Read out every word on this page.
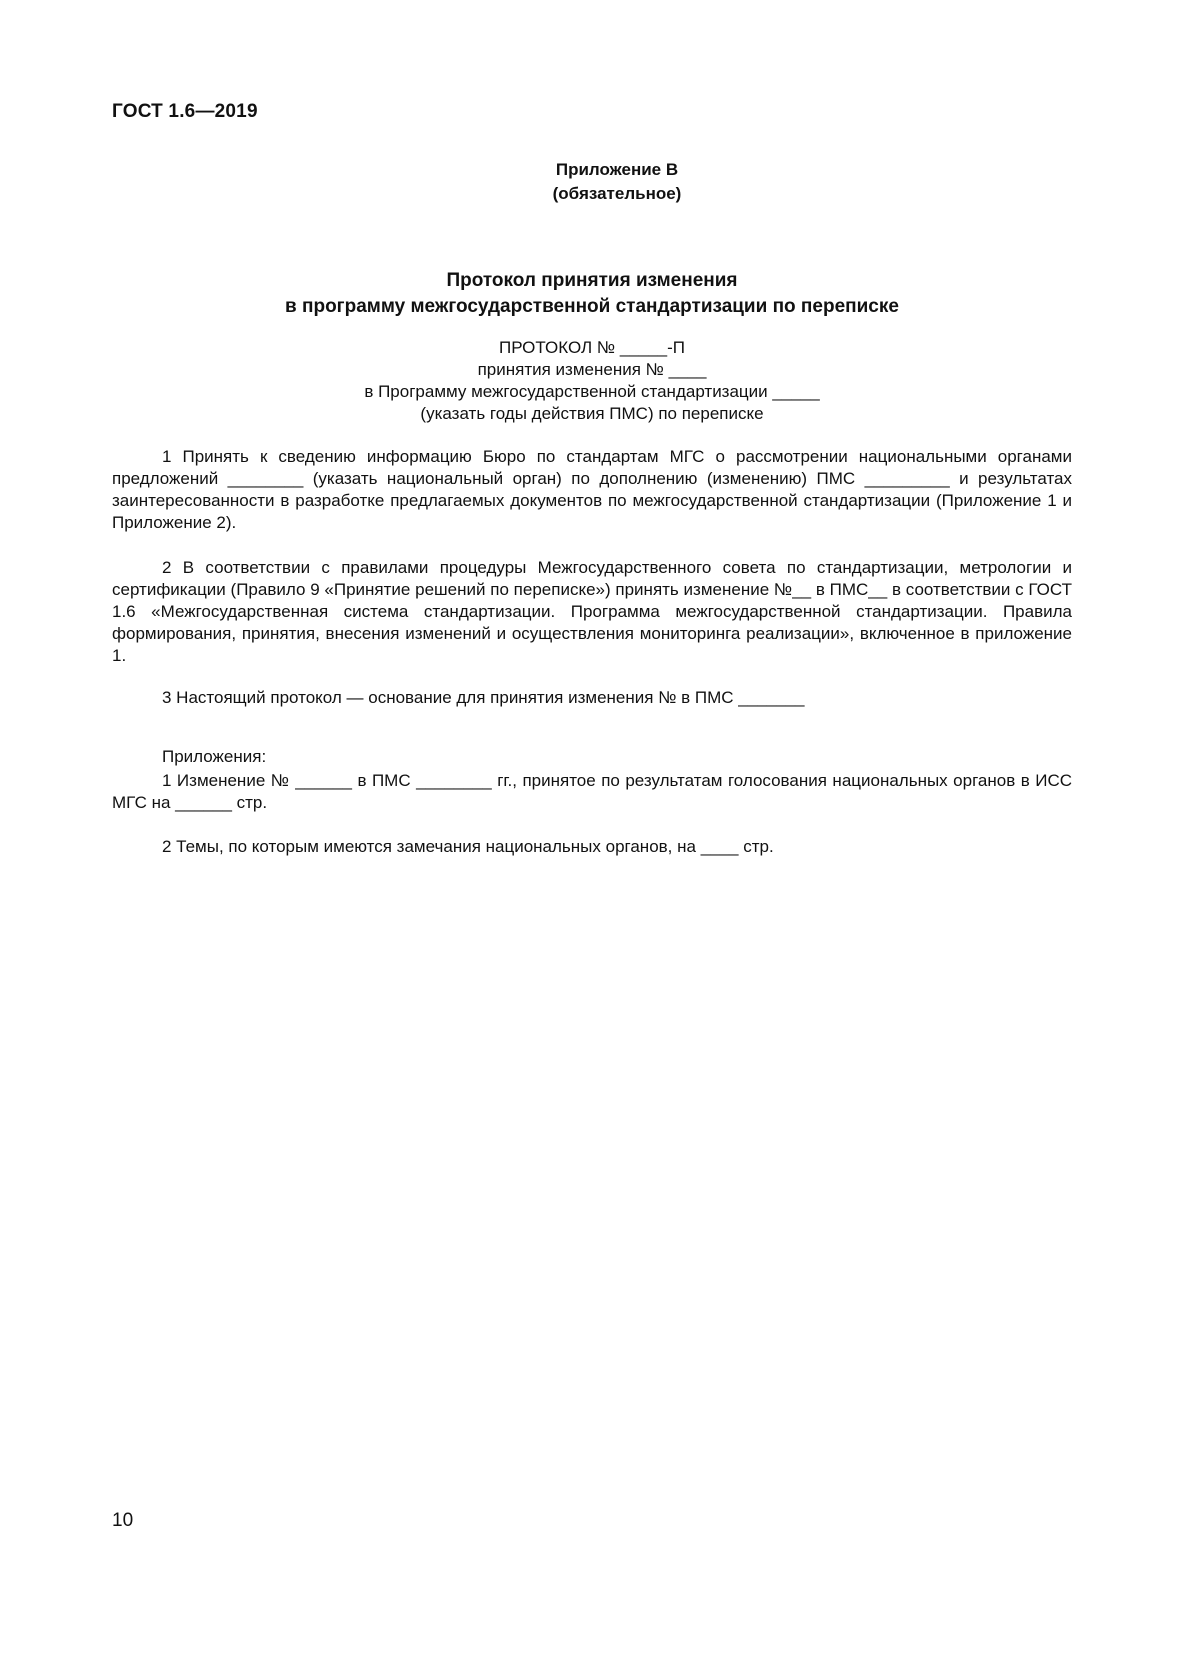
ГОСТ 1.6—2019
Приложение В
(обязательное)
Протокол принятия изменения
в программу межгосударственной стандартизации по переписке
ПРОТОКОЛ № _____-П
принятия изменения № ____
в Программу межгосударственной стандартизации _____
(указать годы действия ПМС) по переписке

1 Принять к сведению информацию Бюро по стандартам МГС о рассмотрении национальными органами предложений ________ (указать национальный орган) по дополнению (изменению) ПМС _________ и результатах заинтересованности в разработке предлагаемых документов по межгосударственной стандартизации (Приложение 1 и Приложение 2).

2 В соответствии с правилами процедуры Межгосударственного совета по стандартизации, метрологии и сертификации (Правило 9 «Принятие решений по переписке») принять изменение №__ в ПМС__ в соответствии с ГОСТ 1.6 «Межгосударственная система стандартизации. Программа межгосударственной стандартизации. Правила формирования, принятия, внесения изменений и осуществления мониторинга реализации», включенное в приложение 1.

3 Настоящий протокол — основание для принятия изменения № в ПМС _______

Приложения:

1 Изменение № ______ в ПМС ________ гг., принятое по результатам голосования национальных органов в ИСС МГС на ______ стр.

2 Темы, по которым имеются замечания национальных органов, на ____ стр.

10
